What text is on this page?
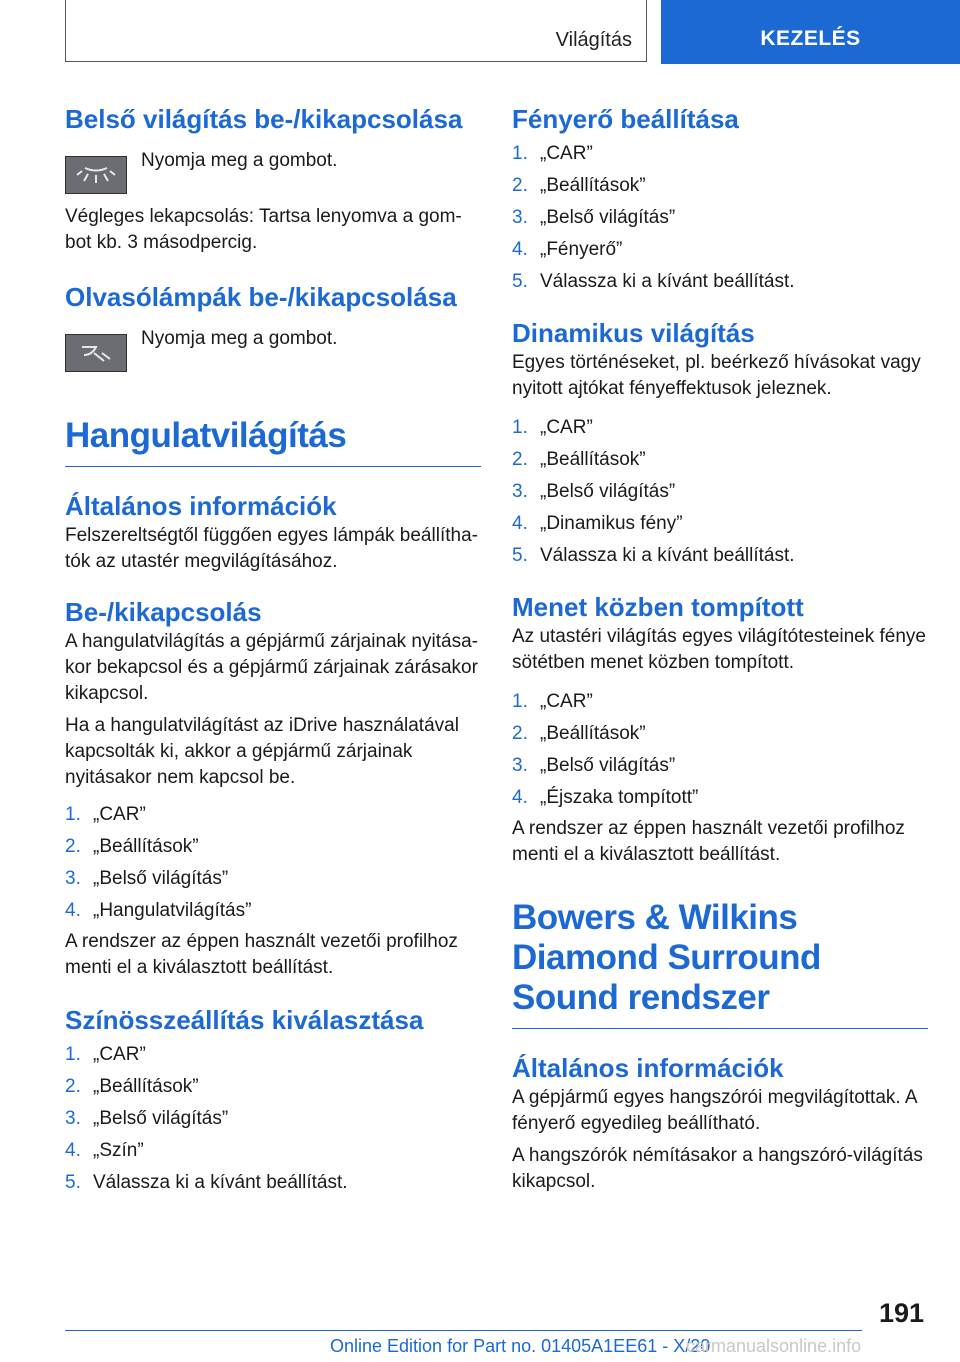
Világítás	KEZELÉS
Belső világítás be-/kikapcsolása

Nyomja meg a gombot.

Végleges lekapcsolás: Tartsa lenyomva a gombot kb. 3 másodpercig.

Olvasólámpák be-/kikapcsolása

Nyomja meg a gombot.

Hangulatvilágítás
Általános információk

Felszereltségtől függően egyes lámpák beállíthatók az utastér megvilágításához.

Be-/kikapcsolás

A hangulatvilágítás a gépjármű zárjainak nyitásakor bekapcsol és a gépjármű zárjainak zárásakor kikapcsol.

Ha a hangulatvilágítást az iDrive használatával kapcsolták ki, akkor a gépjármű zárjainak nyitásakor nem kapcsol be.

1. „CAR”
2. „Beállítások”
3. „Belső világítás”
4. „Hangulatvilágítás”

A rendszer az éppen használt vezetői profilhoz menti el a kiválasztott beállítást.

Színösszeállítás kiválasztása
1. „CAR”
2. „Beállítások”
3. „Belső világítás”
4. „Szín”
5. Válassza ki a kívánt beállítást.
Fényerő beállítása
1. „CAR”
2. „Beállítások”
3. „Belső világítás”
4. „Fényerő”
5. Válassza ki a kívánt beállítást.
Dinamikus világítás

Egyes történéseket, pl. beérkező hívásokat vagy nyitott ajtókat fényeffektusok jeleznek.

1. „CAR”
2. „Beállítások”
3. „Belső világítás”
4. „Dinamikus fény”
5. Válassza ki a kívánt beállítást.
Menet közben tompított

Az utastéri világítás egyes világítótesteinek fénye sötétben menet közben tompított.

1. „CAR”
2. „Beállítások”
3. „Belső világítás”
4. „Éjszaka tompított”

A rendszer az éppen használt vezetői profilhoz menti el a kiválasztott beállítást.

Bowers & Wilkins Diamond Surround Sound rendszer
Általános információk

A gépjármű egyes hangszórói megvilágítottak. A fényerő egyedileg beállítható.

A hangszórók némításakor a hangszóró-világítás kikapcsol.

191
Online Edition for Part no. 01405A1EE61 - X/20
carmanualsonline.info
